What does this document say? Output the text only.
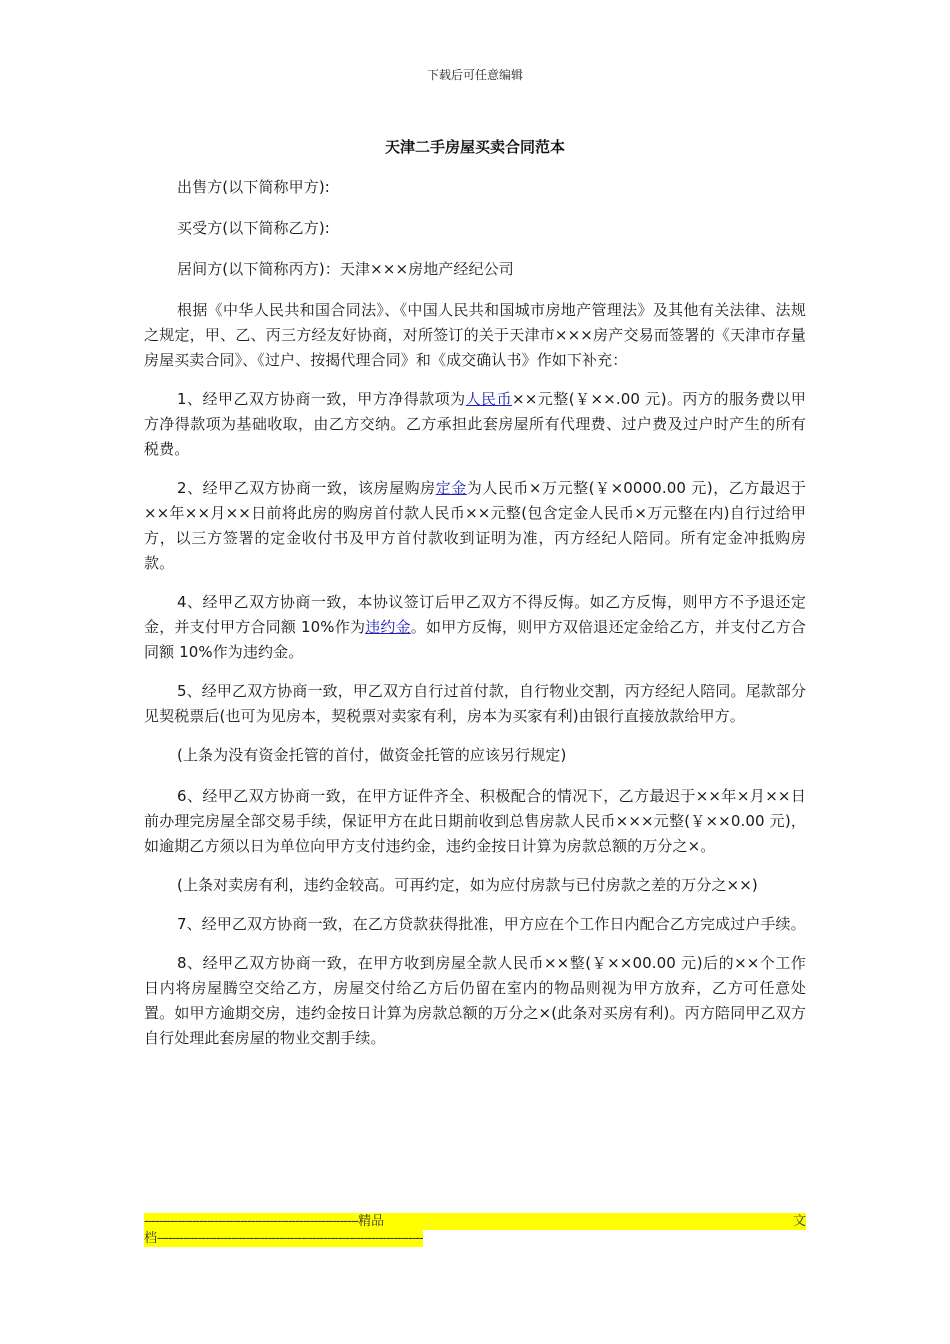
下载后可任意编辑
天津二手房屋买卖合同范本

出售方(以下简称甲方):

买受方(以下简称乙方):

居间方(以下简称丙方)：天津×××房地产经纪公司

根据《中华人民共和国合同法》、《中国人民共和国城市房地产管理法》及其他有关法律、法规之规定，甲、乙、丙三方经友好协商，对所签订的关于天津市×××房产交易而签署的《天津市存量房屋买卖合同》、《过户、按揭代理合同》和《成交确认书》作如下补充：

1、经甲乙双方协商一致，甲方净得款项为人民币××元整(￥××.00 元)。丙方的服务费以甲方净得款项为基础收取，由乙方交纳。乙方承担此套房屋所有代理费、过户费及过户时产生的所有税费。

2、经甲乙双方协商一致，该房屋购房定金为人民币×万元整(￥×0000.00 元)，乙方最迟于××年××月××日前将此房的购房首付款人民币××元整(包含定金人民币×万元整在内)自行过给甲方，以三方签署的定金收付书及甲方首付款收到证明为准，丙方经纪人陪同。所有定金冲抵购房款。

4、经甲乙双方协商一致，本协议签订后甲乙双方不得反悔。如乙方反悔，则甲方不予退还定金，并支付甲方合同额 10%作为违约金。如甲方反悔，则甲方双倍退还定金给乙方，并支付乙方合同额 10%作为违约金。

5、经甲乙双方协商一致，甲乙双方自行过首付款，自行物业交割，丙方经纪人陪同。尾款部分见契税票后(也可为见房本，契税票对卖家有利，房本为买家有利)由银行直接放款给甲方。

(上条为没有资金托管的首付，做资金托管的应该另行规定)

6、经甲乙双方协商一致，在甲方证件齐全、积极配合的情况下，乙方最迟于××年×月××日前办理完房屋全部交易手续，保证甲方在此日期前收到总售房款人民币×××元整(￥××0.00 元)，如逾期乙方须以日为单位向甲方支付违约金，违约金按日计算为房款总额的万分之×。

(上条对卖房有利，违约金较高。可再约定，如为应付房款与已付房款之差的万分之××)

7、经甲乙双方协商一致，在乙方贷款获得批准，甲方应在个工作日内配合乙方完成过户手续。

8、经甲乙双方协商一致，在甲方收到房屋全款人民币××整(￥××00.00 元)后的××个工作日内将房屋腾空交给乙方，房屋交付给乙方后仍留在室内的物品则视为甲方放弃，乙方可任意处置。如甲方逾期交房，违约金按日计算为房款总额的万分之×(此条对买房有利)。丙方陪同甲乙双方自行处理此套房屋的物业交割手续。

---------------------------------------------------------- 精 品	文
档------------------------------------------------------------------------
